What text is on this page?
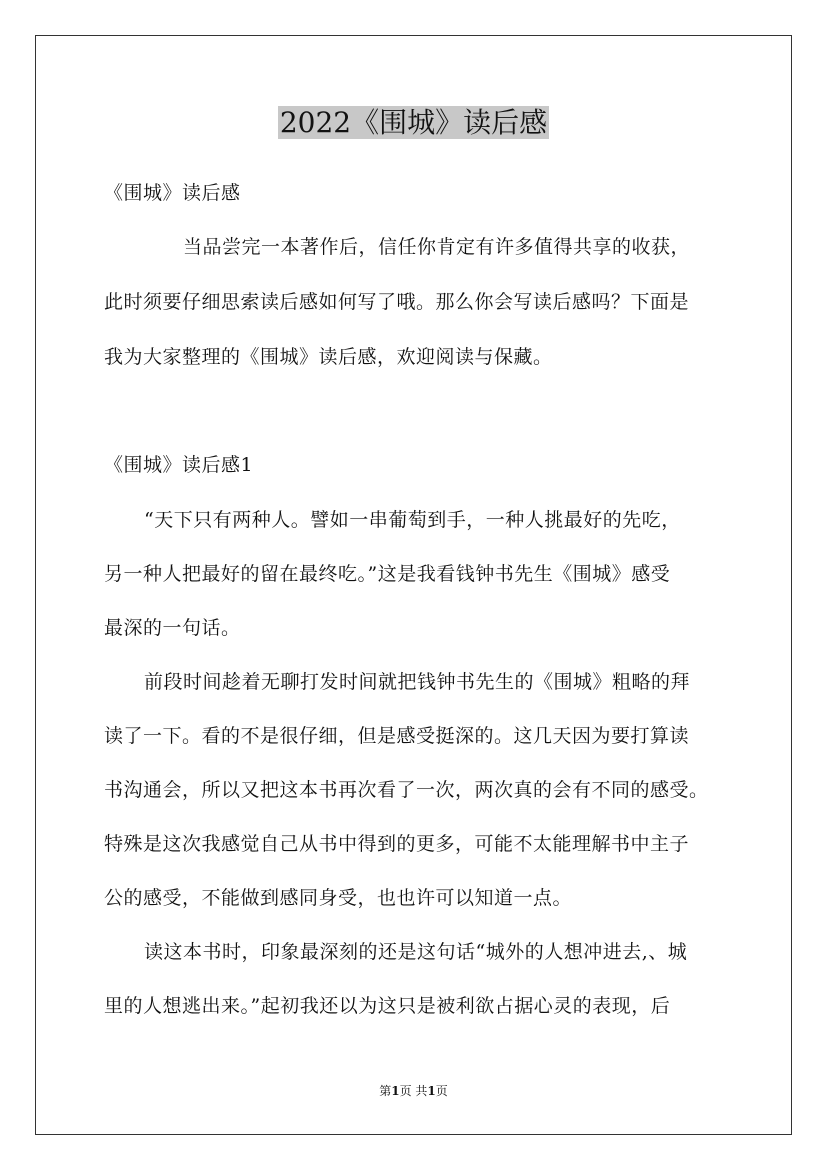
2022《围城》读后感
《围城》读后感
当品尝完一本著作后，信任你肯定有许多值得共享的收获，
此时须要仔细思索读后感如何写了哦。那么你会写读后感吗？下面是
我为大家整理的《围城》读后感，欢迎阅读与保藏。
《围城》读后感1
“天下只有两种人。譬如一串葡萄到手，一种人挑最好的先吃，
另一种人把最好的留在最终吃。”这是我看钱钟书先生《围城》感受
最深的一句话。
前段时间趁着无聊打发时间就把钱钟书先生的《围城》粗略的拜
读了一下。看的不是很仔细，但是感受挺深的。这几天因为要打算读
书沟通会，所以又把这本书再次看了一次，两次真的会有不同的感受。
特殊是这次我感觉自己从书中得到的更多，可能不太能理解书中主子
公的感受，不能做到感同身受，也也许可以知道一点。
读这本书时，印象最深刻的还是这句话“城外的人想冲进去,、城
里的人想逃出来。”起初我还以为这只是被利欲占据心灵的表现，后
第1页 共1页
